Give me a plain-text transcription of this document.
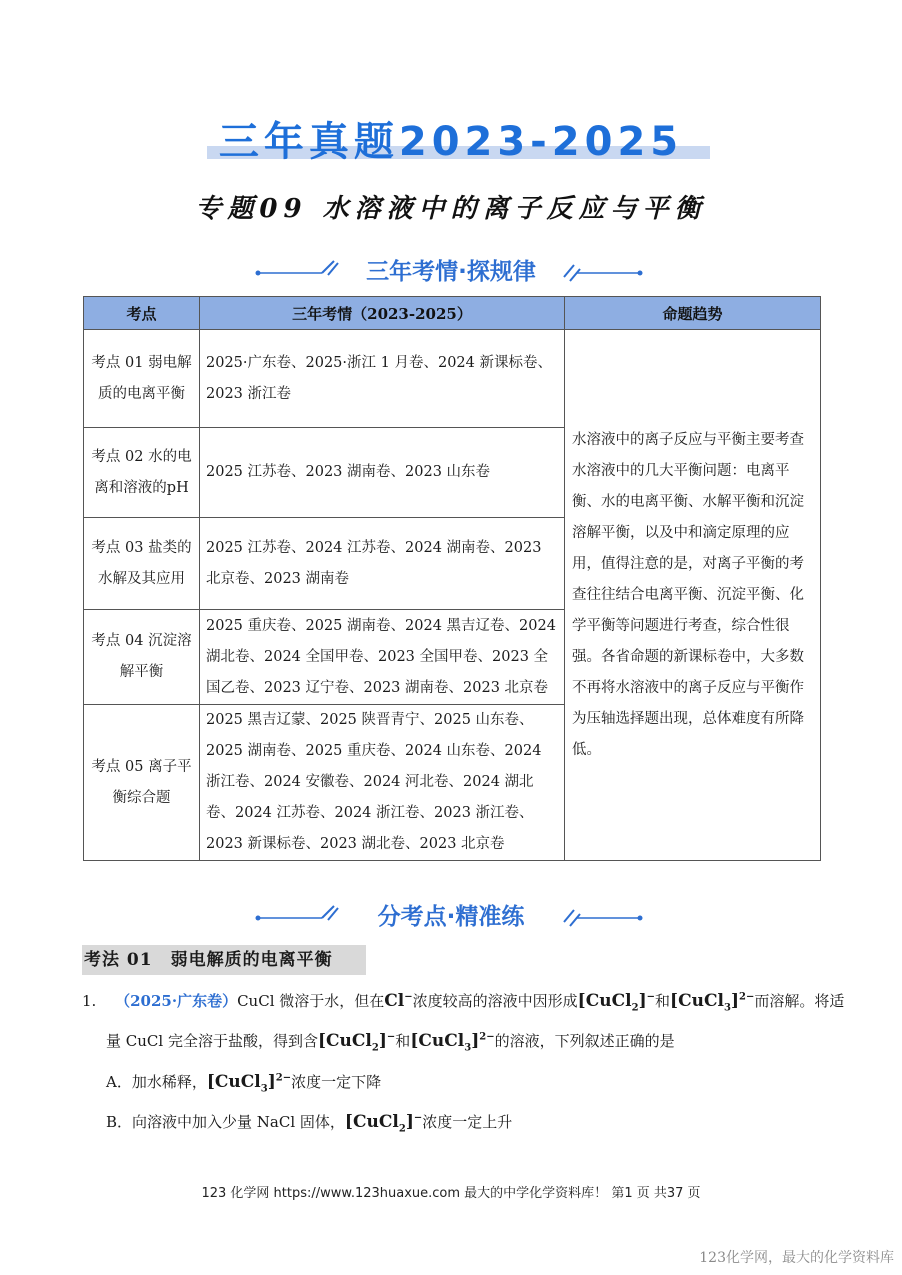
三年真题2023-2025
专题09 水溶液中的离子反应与平衡
三年考情·探规律
考点	三年考情（2023-2025）	命题趋势
考点 01 弱电解质的电离平衡	2025·广东卷、2025·浙江 1 月卷、2024 新课标卷、2023 浙江卷	水溶液中的离子反应与平衡主要考查水溶液中的几大平衡问题：电离平衡、水的电离平衡、水解平衡和沉淀溶解平衡，以及中和滴定原理的应用，值得注意的是，对离子平衡的考查往往结合电离平衡、沉淀平衡、化学平衡等问题进行考查，综合性很强。各省命题的新课标卷中，大多数不再将水溶液中的离子反应与平衡作为压轴选择题出现，总体难度有所降低。
考点 02 水的电离和溶液的pH	2025 江苏卷、2023 湖南卷、2023 山东卷	
考点 03 盐类的水解及其应用	2025 江苏卷、2024 江苏卷、2024 湖南卷、2023 北京卷、2023 湖南卷	
考点 04 沉淀溶解平衡	2025 重庆卷、2025 湖南卷、2024 黑吉辽卷、2024 湖北卷、2024 全国甲卷、2023 全国甲卷、2023 全国乙卷、2023 辽宁卷、2023 湖南卷、2023 北京卷	
考点 05 离子平衡综合题	2025 黑吉辽蒙、2025 陕晋青宁、2025 山东卷、2025 湖南卷、2025 重庆卷、2024 山东卷、2024 浙江卷、2024 安徽卷、2024 河北卷、2024 湖北卷、2024 江苏卷、2024 浙江卷、2023 浙江卷、2023 新课标卷、2023 湖北卷、2023 北京卷	
分考点·精准练
考法 01　弱电解质的电离平衡
1. （2025·广东卷）CuCl 微溶于水，但在Cl−浓度较高的溶液中因形成[CuCl$_2$]−和[CuCl$_3$]$^{2-}$而溶解。将适
量 CuCl 完全溶于盐酸，得到含[CuCl$_2$]−和[CuCl$_3$]$^{2-}$的溶液，下列叙述正确的是
A．加水稀释，[CuCl$_3$]$^{2-}$浓度一定下降
B．向溶液中加入少量 NaCl 固体，[CuCl$_2$]−浓度一定上升
123 化学网 https://www.123huaxue.com 最大的中学化学资料库！ 第1 页 共37 页
123化学网，最大的化学资料库
